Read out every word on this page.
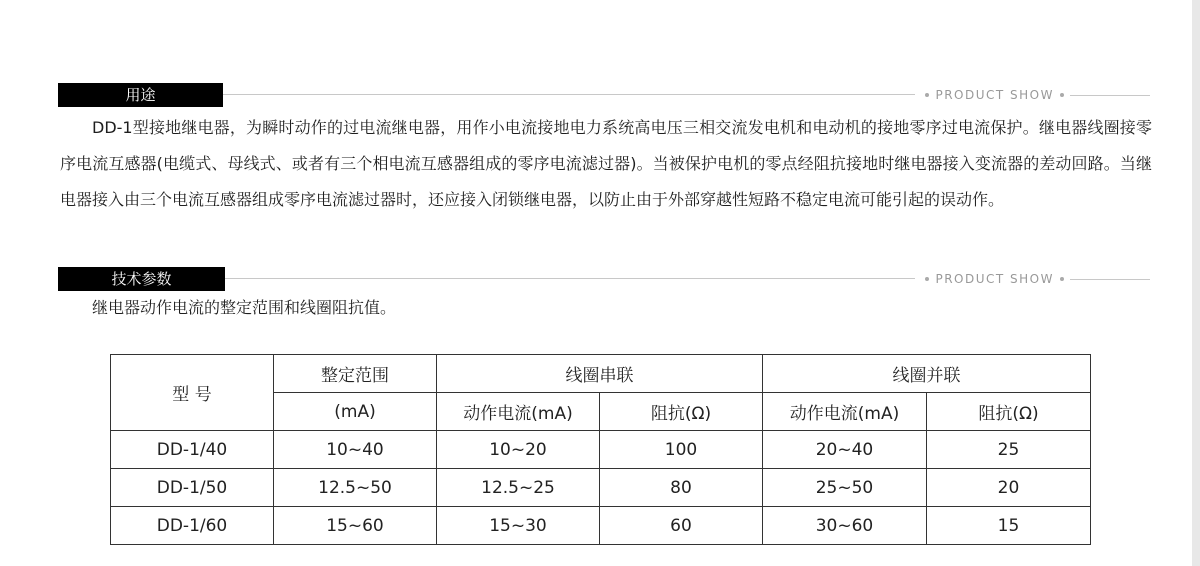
用途	PRODUCT SHOW

DD-1型接地继电器，为瞬时动作的过电流继电器，用作小电流接地电力系统高电压三相交流发电机和电动机的接地零序过电流保护。继电器线圈接零序电流互感器(电缆式、母线式、或者有三个相电流互感器组成的零序电流滤过器)。当被保护电机的零点经阻抗接地时继电器接入变流器的差动回路。当继电器接入由三个电流互感器组成零序电流滤过器时，还应接入闭锁继电器，以防止由于外部穿越性短路不稳定电流可能引起的误动作。

技术参数	PRODUCT SHOW

继电器动作电流的整定范围和线圈阻抗值。

型 号	整定范围	线圈串联		线圈并联	
	(mA)	动作电流(mA)	阻抗(Ω)	动作电流(mA)	阻抗(Ω)
DD-1/40	10~40	10~20	100	20~40	25
DD-1/50	12.5~50	12.5~25	80	25~50	20
DD-1/60	15~60	15~30	60	30~60	15
